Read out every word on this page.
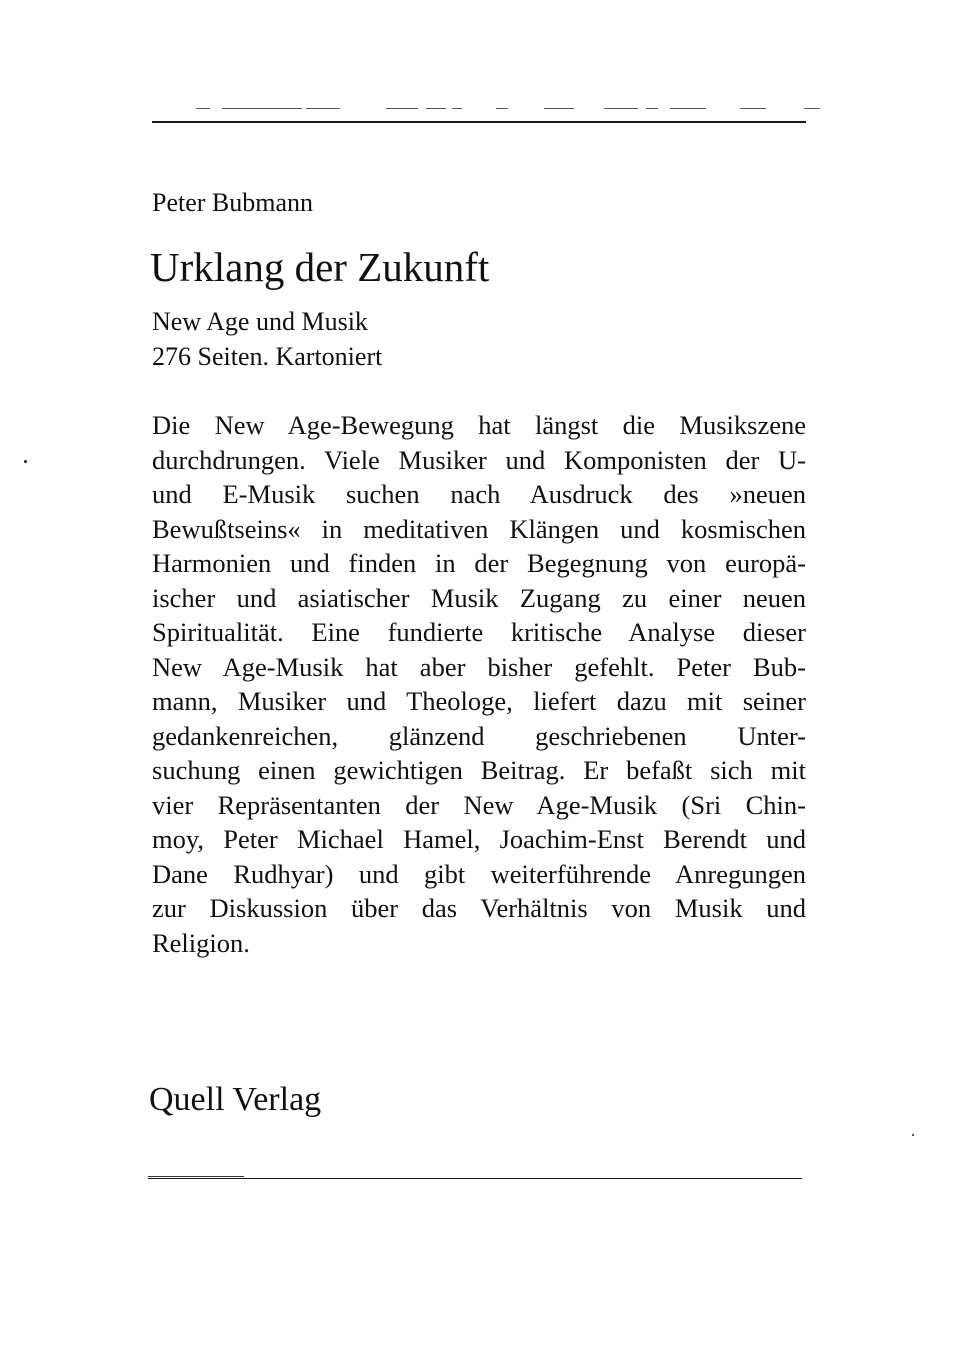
Peter Bubmann
Urklang der Zukunft
New Age und Musik
276 Seiten. Kartoniert
Die New Age-Bewegung hat längst die Musikszene
durchdrungen. Viele Musiker und Komponisten der U-
und E-Musik suchen nach Ausdruck des »neuen
Bewußtseins« in meditativen Klängen und kosmischen
Harmonien und finden in der Begegnung von europä-
ischer und asiatischer Musik Zugang zu einer neuen
Spiritualität. Eine fundierte kritische Analyse dieser
New Age-Musik hat aber bisher gefehlt. Peter Bub-
mann, Musiker und Theologe, liefert dazu mit seiner
gedankenreichen, glänzend geschriebenen Unter-
suchung einen gewichtigen Beitrag. Er befaßt sich mit
vier Repräsentanten der New Age-Musik (Sri Chin-
moy, Peter Michael Hamel, Joachim-Enst Berendt und
Dane Rudhyar) und gibt weiterführende Anregungen
zur Diskussion über das Verhältnis von Musik und
Religion.
Quell Verlag
